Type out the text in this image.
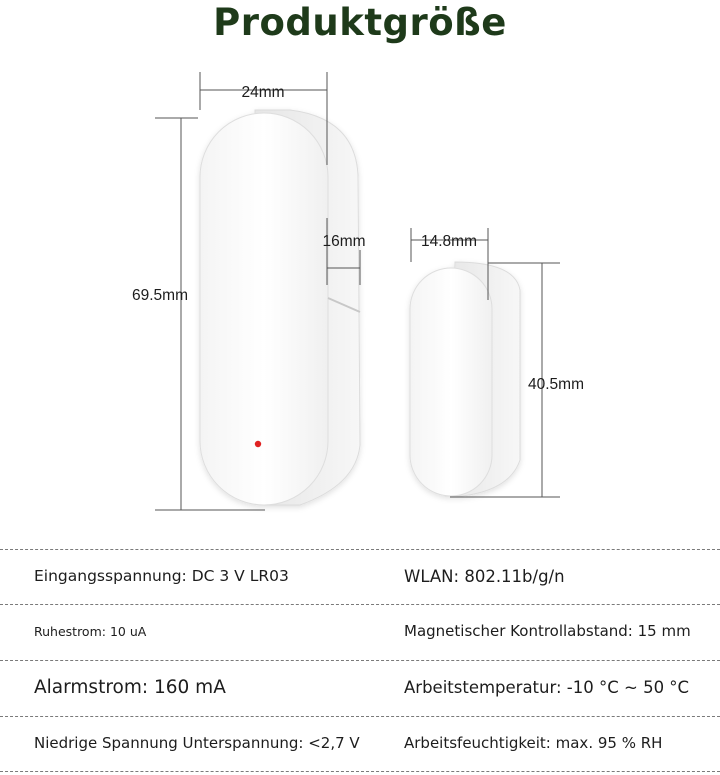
Produktgröße
24mm
16mm
69.5mm
14.8mm
40.5mm
Eingangsspannung: DC 3 V LR03	WLAN: 802.11b/g/n
Ruhestrom: 10 uA	Magnetischer Kontrollabstand: 15 mm
Alarmstrom: 160 mA	Arbeitstemperatur: -10 °C ~ 50 °C
Niedrige Spannung Unterspannung: <2,7 V	Arbeitsfeuchtigkeit: max. 95 % RH
